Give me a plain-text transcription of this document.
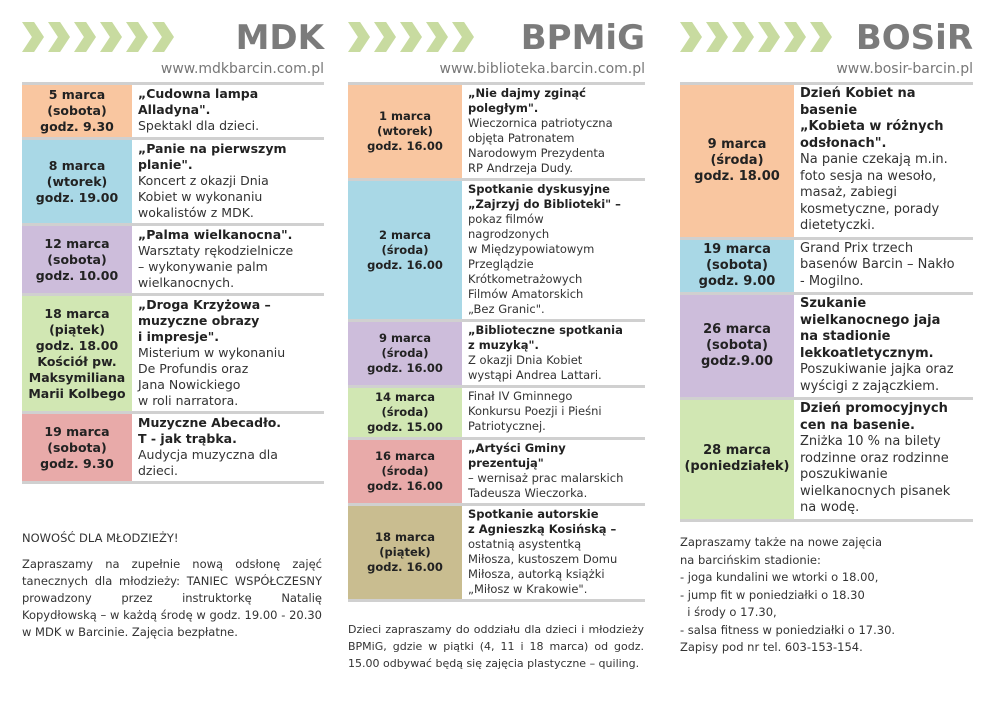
MDK
www.mdkbarcin.com.pl
5 marca
(sobota)
godz. 9.30
„Cudowna lampa
Alladyna".
Spektakl dla dzieci.
8 marca
(wtorek)
godz. 19.00
„Panie na pierwszym
planie".
Koncert z okazji Dnia
Kobiet w wykonaniu
wokalistów z MDK.
12 marca
(sobota)
godz. 10.00
„Palma wielkanocna".
Warsztaty rękodzielnicze
– wykonywanie palm
wielkanocnych.
18 marca
(piątek)
godz. 18.00
Kościół pw.
Maksymiliana
Marii Kolbego
„Droga Krzyżowa –
muzyczne obrazy
i impresje".
Misterium w wykonaniu
De Profundis oraz
Jana Nowickiego
w roli narratora.
19 marca
(sobota)
godz. 9.30
Muzyczne Abecadło.
T - jak trąbka.
Audycja muzyczna dla
dzieci.
BPMiG
www.biblioteka.barcin.com.pl
1 marca
(wtorek)
godz. 16.00
„Nie dajmy zginąć
poległym".
Wieczornica patriotyczna
objęta Patronatem
Narodowym Prezydenta
RP Andrzeja Dudy.
2 marca
(środa)
godz. 16.00
Spotkanie dyskusyjne
„Zajrzyj do Biblioteki" –
pokaz filmów
nagrodzonych
w Międzypowiatowym
Przeglądzie
Krótkometrażowych
Filmów Amatorskich
„Bez Granic".
9 marca
(środa)
godz. 16.00
„Biblioteczne spotkania
z muzyką".
Z okazji Dnia Kobiet
wystąpi Andrea Lattari.
14 marca
(środa)
godz. 15.00
Finał IV Gminnego
Konkursu Poezji i Pieśni
Patriotycznej.
16 marca
(środa)
godz. 16.00
„Artyści Gminy prezentują"
– wernisaż prac malarskich
Tadeusza Wieczorka.
18 marca
(piątek)
godz. 16.00
Spotkanie autorskie
z Agnieszką Kosińską –
ostatnią asystentką
Miłosza, kustoszem Domu
Miłosza, autorką książki
„Miłosz w Krakowie".
BOSiR
www.bosir-barcin.pl
9 marca
(środa)
godz. 18.00
Dzień Kobiet na basenie
„Kobieta w różnych
odsłonach".
Na panie czekają m.in.
foto sesja na wesoło,
masaż, zabiegi
kosmetyczne, porady
dietetyczki.
19 marca
(sobota)
godz. 9.00
Grand Prix trzech
basenów Barcin – Nakło
- Mogilno.
26 marca
(sobota)
godz.9.00
Szukanie
wielkanocnego jaja
na stadionie
lekkoatletycznym.
Poszukiwanie jajka oraz
wyścigi z zajączkiem.
28 marca
(poniedziałek)
Dzień promocyjnych
cen na basenie.
Zniżka 10 % na bilety
rodzinne oraz rodzinne
poszukiwanie
wielkanocnych pisanek
na wodę.
NOWOŚĆ DLA MŁODZIEŻY!
Zapraszamy na zupełnie nową odsłonę zajęć tanecznych dla młodzieży: TANIEC WSPÓŁCZESNY prowadzony przez instruktorkę Natalię Kopydłowską – w każdą środę w godz. 19.00 - 20.30 w MDK w Barcinie. Zajęcia bezpłatne.	Dzieci zapraszamy do oddziału dla dzieci i młodzieży BPMiG, gdzie w piątki (4, 11 i 18 marca) od godz. 15.00 odbywać będą się zajęcia plastyczne – quiling.
Zapraszamy także na nowe zajęcia
na barcińskim stadionie:
- joga kundalini we wtorki o 18.00,
- jump fit w poniedziałki o 18.30
i środy o 17.30,
- salsa fitness w poniedziałki o 17.30.
Zapisy pod nr tel. 603-153-154.
